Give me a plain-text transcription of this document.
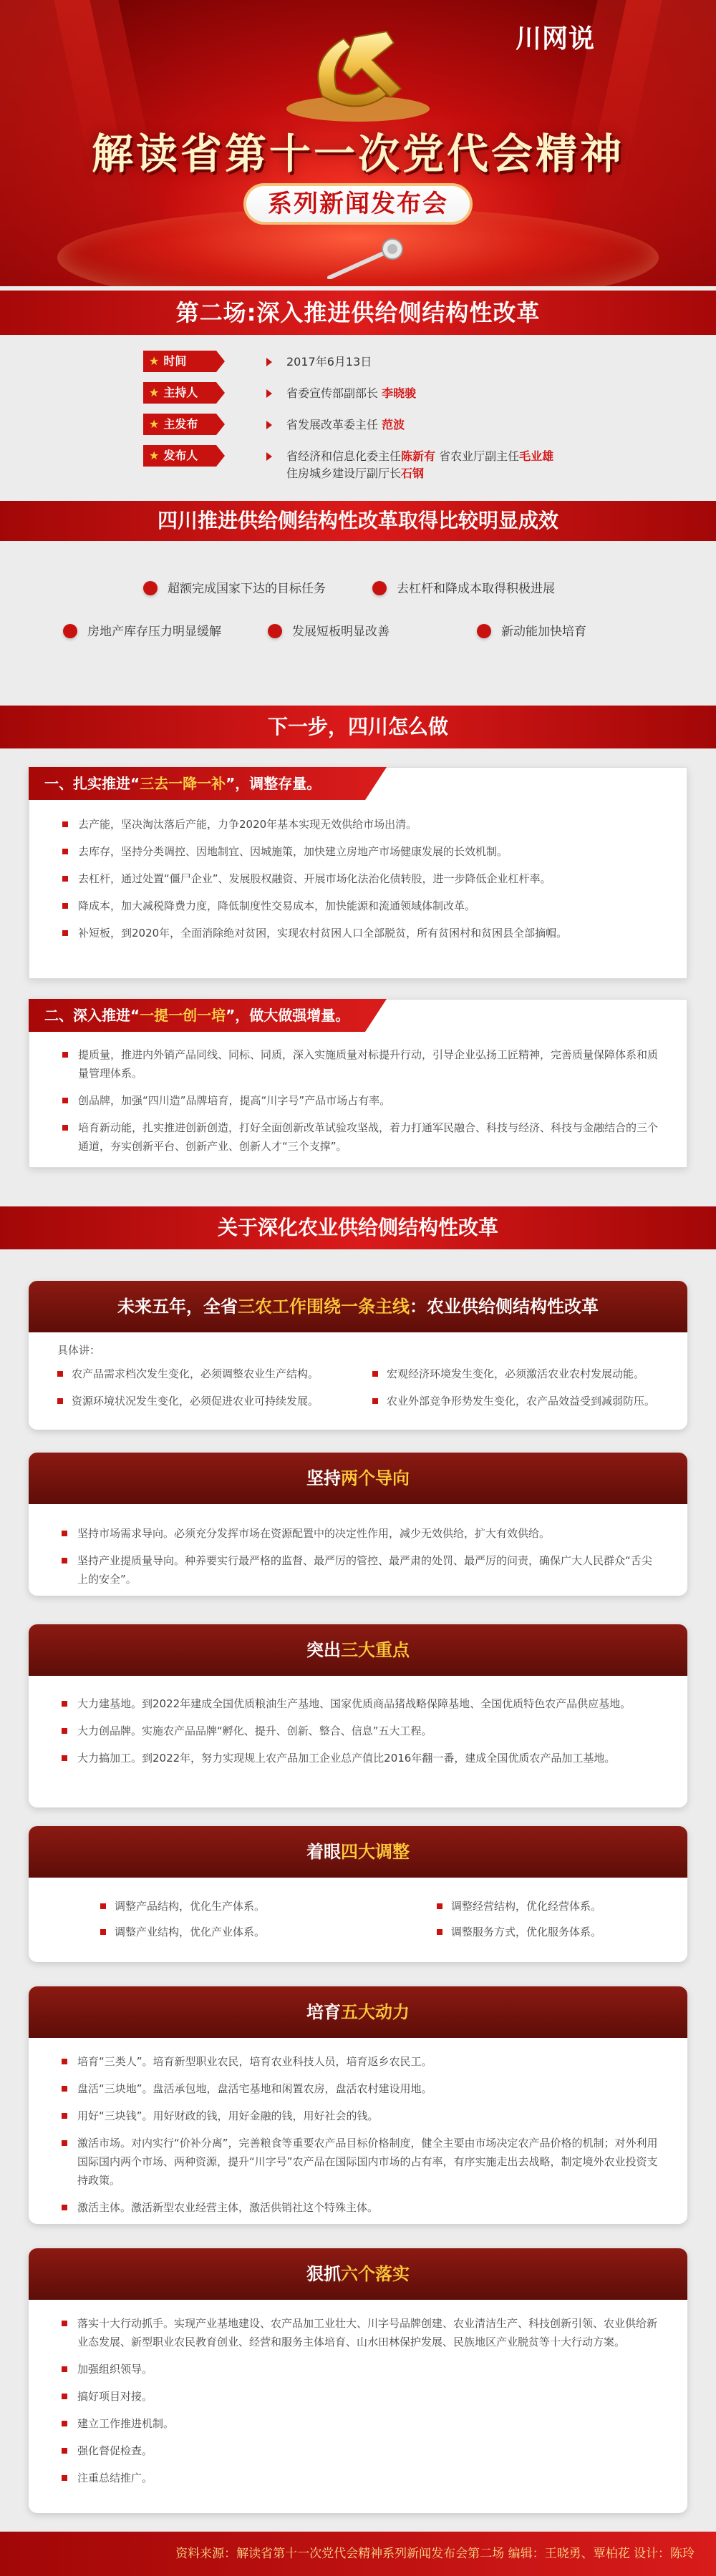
川网说
解读省第十一次党代会精神
系列新闻发布会
第二场:深入推进供给侧结构性改革
★ 时间	2017年6月13日
★ 主持人	省委宣传部副部长 李晓骏
★ 主发布	省发展改革委主任 范波
★ 发布人	省经济和信息化委主任陈新有 省农业厅副主任毛业雄
住房城乡建设厅副厅长石钢
四川推进供给侧结构性改革取得比较明显成效
超额完成国家下达的目标任务	去杠杆和降成本取得积极进展
房地产库存压力明显缓解	发展短板明显改善	新动能加快培育
下一步，四川怎么做
一、扎实推进“三去一降一补”，调整存量。
去产能，坚决淘汰落后产能，力争2020年基本实现无效供给市场出清。
去库存，坚持分类调控、因地制宜、因城施策，加快建立房地产市场健康发展的长效机制。
去杠杆，通过处置“僵尸企业”、发展股权融资、开展市场化法治化债转股，进一步降低企业杠杆率。
降成本，加大减税降费力度，降低制度性交易成本，加快能源和流通领域体制改革。
补短板，到2020年，全面消除绝对贫困，实现农村贫困人口全部脱贫，所有贫困村和贫困县全部摘帽。
二、深入推进“一提一创一培”，做大做强增量。
提质量，推进内外销产品同线、同标、同质，深入实施质量对标提升行动，引导企业弘扬工匠精神，完善质量保障体系和质量管理体系。
创品牌，加强“四川造”品牌培育，提高“川字号”产品市场占有率。
培育新动能，扎实推进创新创造，打好全面创新改革试验攻坚战，着力打通军民融合、科技与经济、科技与金融结合的三个通道，夯实创新平台、创新产业、创新人才“三个支撑”。
关于深化农业供给侧结构性改革
未来五年，全省三农工作围绕一条主线：农业供给侧结构性改革
具体讲：
农产品需求档次发生变化，必须调整农业生产结构。	宏观经济环境发生变化，必须激活农业农村发展动能。
资源环境状况发生变化，必须促进农业可持续发展。	农业外部竞争形势发生变化，农产品效益受到减弱防压。
坚持两个导向
坚持市场需求导向。必须充分发挥市场在资源配置中的决定性作用，减少无效供给，扩大有效供给。
坚持产业提质量导向。种养要实行最严格的监督、最严厉的管控、最严肃的处罚、最严厉的问责，确保广大人民群众“舌尖上的安全”。
突出三大重点
大力建基地。到2022年建成全国优质粮油生产基地、国家优质商品猪战略保障基地、全国优质特色农产品供应基地。
大力创品牌。实施农产品品牌“孵化、提升、创新、整合、信息”五大工程。
大力搞加工。到2022年，努力实现规上农产品加工企业总产值比2016年翻一番，建成全国优质农产品加工基地。
着眼四大调整
调整产品结构，优化生产体系。	调整经营结构，优化经营体系。
调整产业结构，优化产业体系。	调整服务方式，优化服务体系。
培育五大动力
培育“三类人”。培育新型职业农民，培育农业科技人员，培育返乡农民工。
盘活“三块地”。盘活承包地，盘活宅基地和闲置农房，盘活农村建设用地。
用好“三块钱”。用好财政的钱，用好金融的钱，用好社会的钱。
激活市场。对内实行“价补分离”，完善粮食等重要农产品目标价格制度，健全主要由市场决定农产品价格的机制；对外利用国际国内两个市场、两种资源，提升“川字号”农产品在国际国内市场的占有率，有序实施走出去战略，制定境外农业投资支持政策。
激活主体。激活新型农业经营主体，激活供销社这个特殊主体。
狠抓六个落实
落实十大行动抓手。实现产业基地建设、农产品加工业壮大、川字号品牌创建、农业清洁生产、科技创新引领、农业供给新业态发展、新型职业农民教育创业、经营和服务主体培育、山水田林保护发展、民族地区产业脱贫等十大行动方案。
加强组织领导。
搞好项目对接。
建立工作推进机制。
强化督促检查。
注重总结推广。
资料来源：解读省第十一次党代会精神系列新闻发布会第二场 编辑：王晓勇、覃柏花 设计：陈玲
